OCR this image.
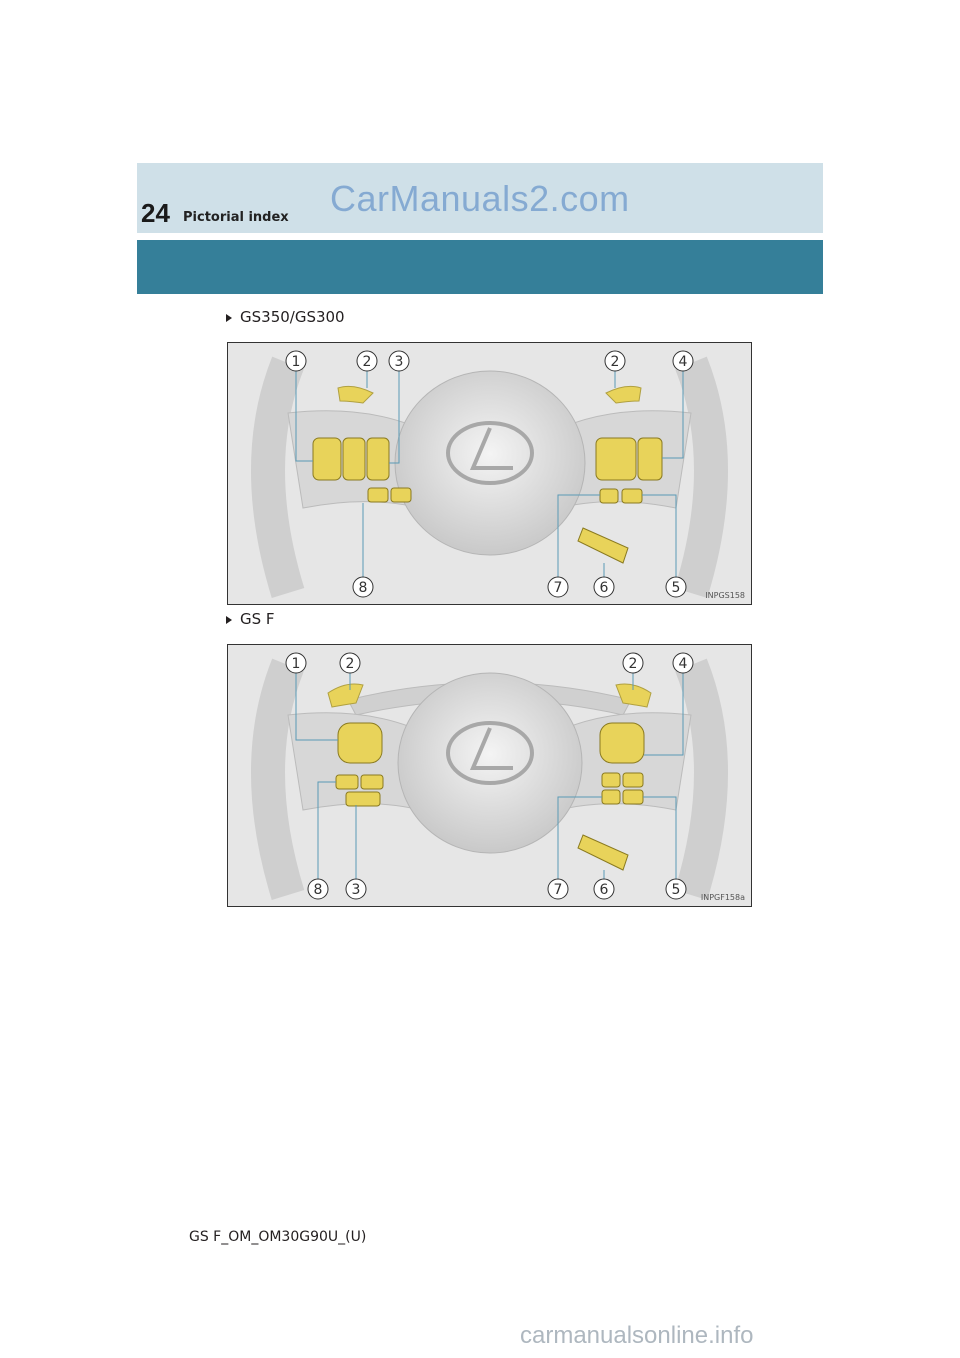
24 Pictorial index CarManuals2.com
GS350/GS300
1	2 3	2	4
8	7	6	5	INPGS158
GS F
1	2	2	4
8 3	7	6	5	INPGF158a
GS F_OM_OM30G90U_(U)
carmanualsonline.info
